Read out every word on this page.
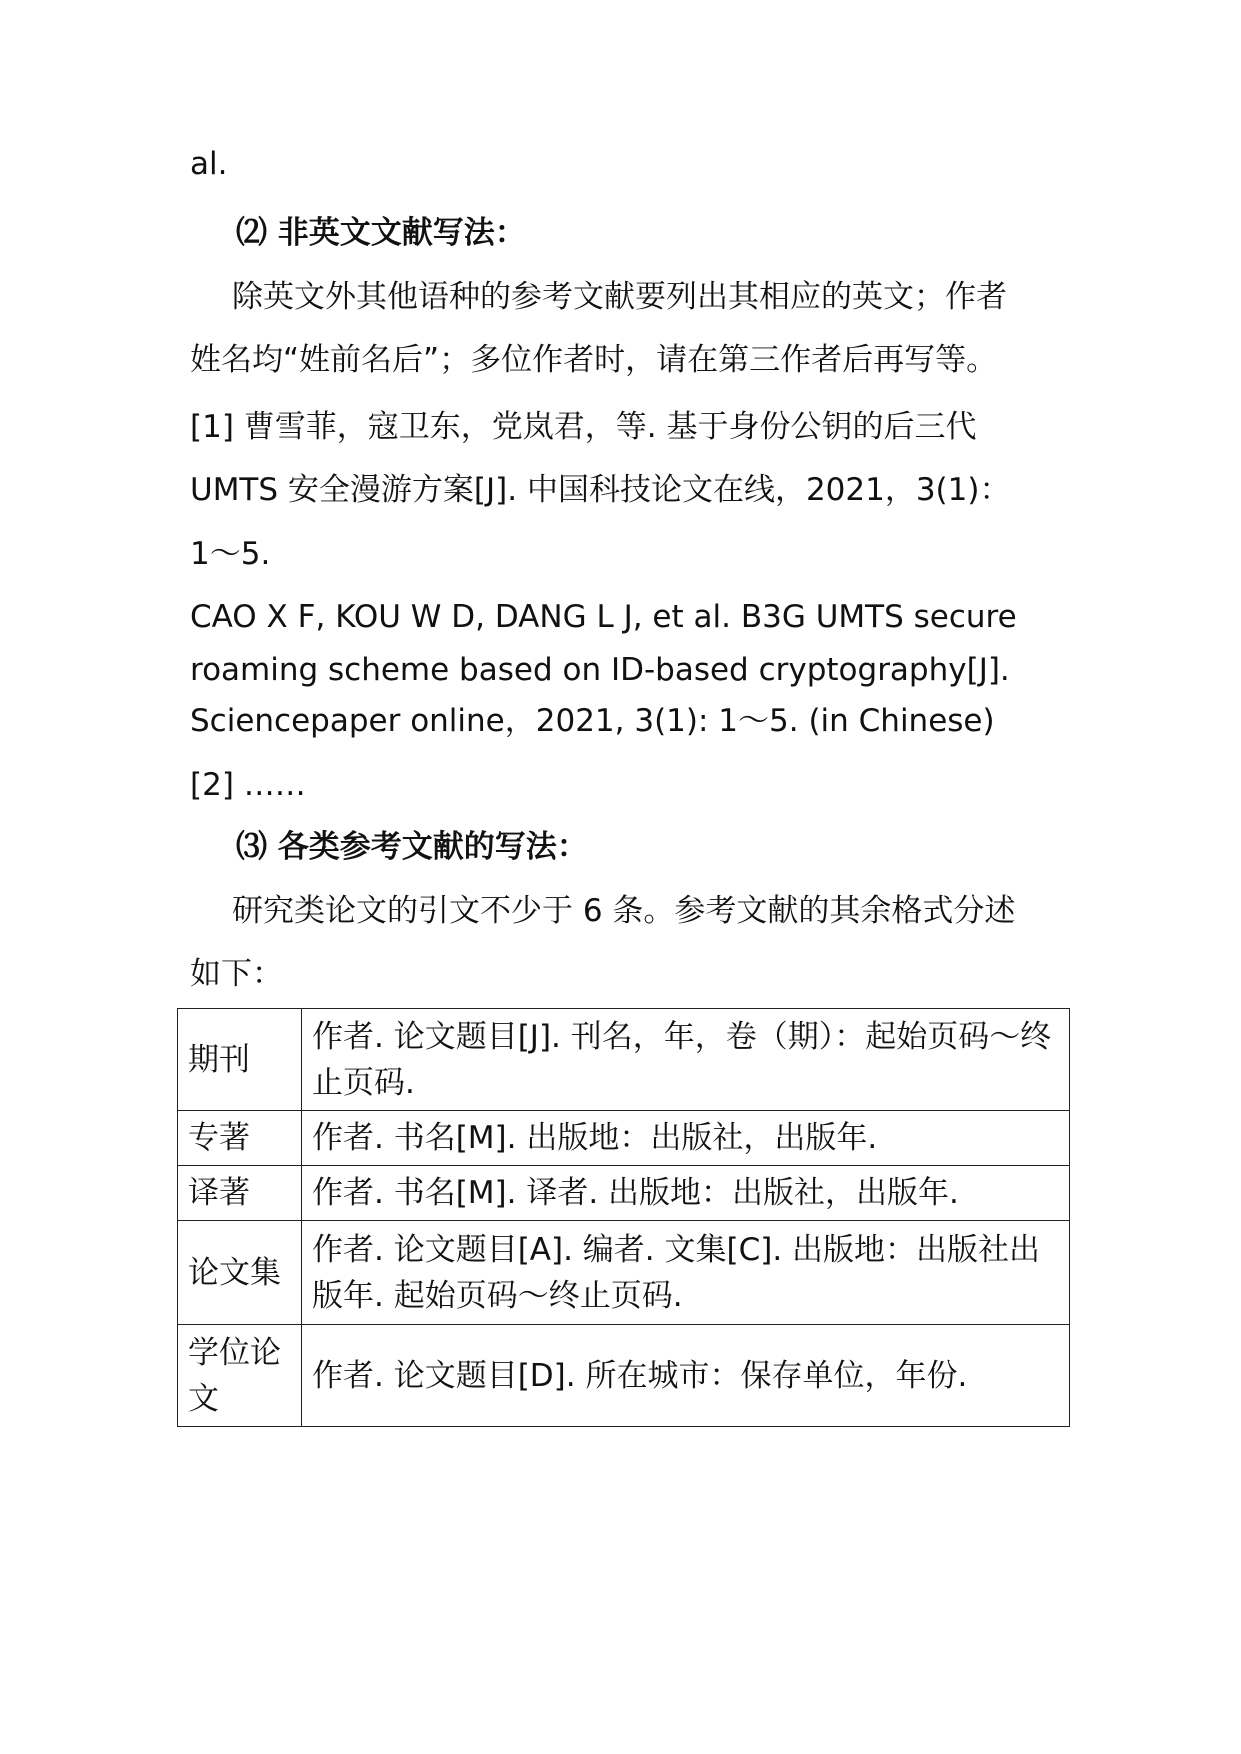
al.
⑵ 非英文文献写法：
除英文外其他语种的参考文献要列出其相应的英文；作者
姓名均“姓前名后”；多位作者时，请在第三作者后再写等。
[1] 曹雪菲，寇卫东，党岚君，等. 基于身份公钥的后三代
UMTS 安全漫游方案[J]. 中国科技论文在线，2021，3(1)：
1～5.
CAO X F, KOU W D, DANG L J, et al. B3G UMTS secure
roaming scheme based on ID-based cryptography[J].
Sciencepaper online，2021, 3(1): 1～5. (in Chinese)
[2] ……
⑶ 各类参考文献的写法：
研究类论文的引文不少于 6 条。参考文献的其余格式分述
如下：
期刊	作者. 论文题目[J]. 刊名，年，卷（期）：起始页码～终止页码.
专著	作者. 书名[M]. 出版地：出版社，出版年.
译著	作者. 书名[M]. 译者. 出版地：出版社，出版年.
论文集	作者. 论文题目[A]. 编者. 文集[C]. 出版地：出版社出版年. 起始页码～终止页码.
学位论文	作者. 论文题目[D]. 所在城市：保存单位，年份.
